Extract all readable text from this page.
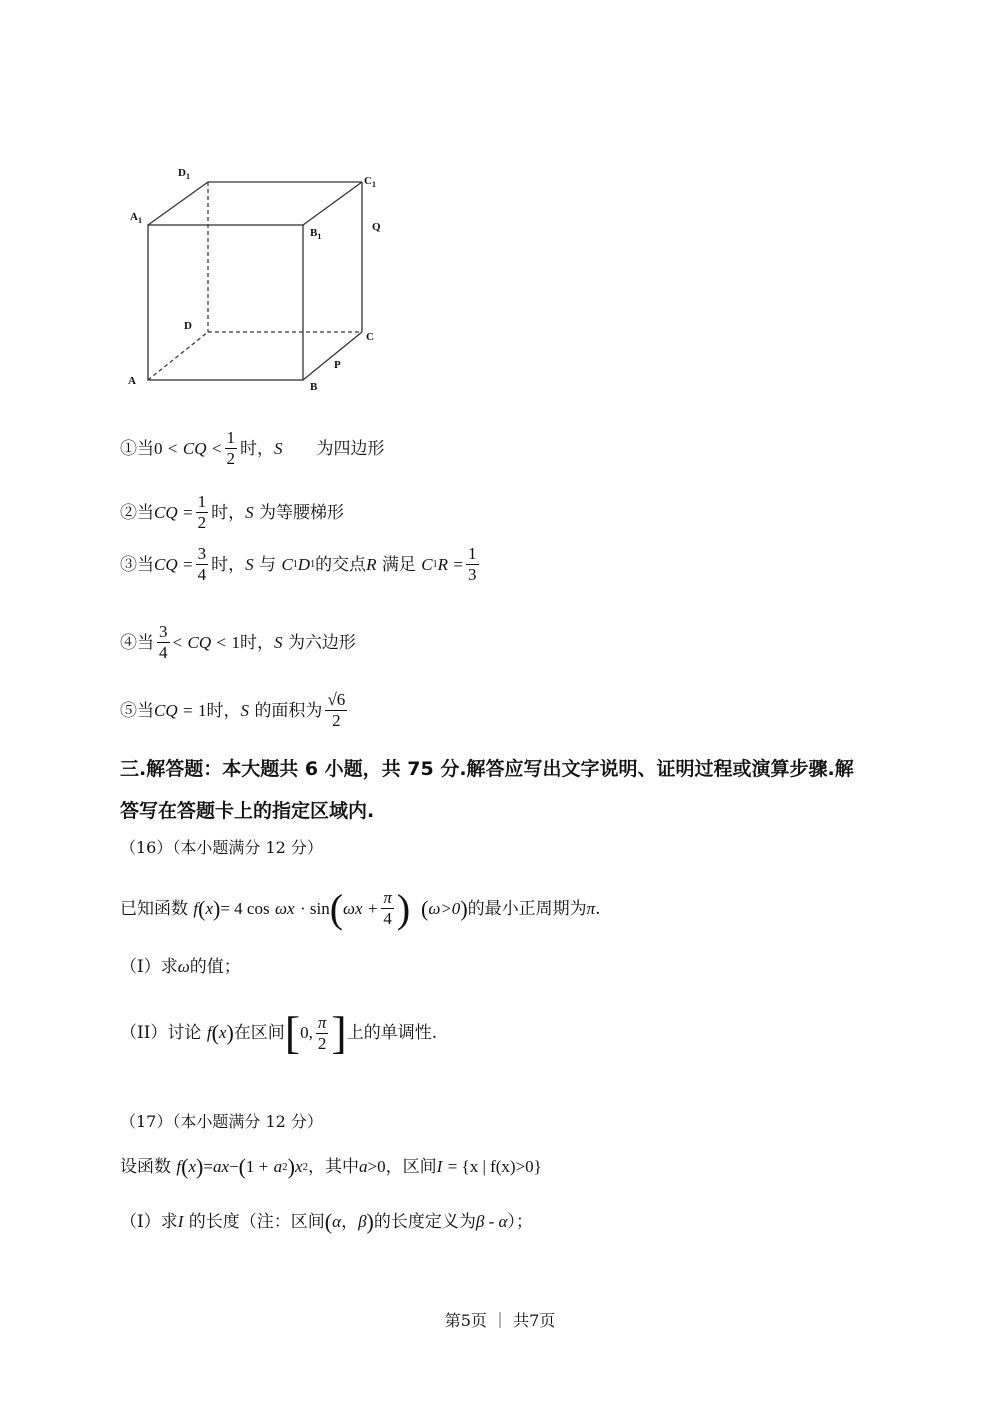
$D_1$	$C_1$
$A_1$
$B_1$
Q
D
C
P
A	B
①当 0
<
CQ
< $\frac{1}{2}$ 时， S 为四边形
②当 CQ
= $\frac{1}{2}$ 时， S
为等腰梯形
③当 CQ
= $\frac{3}{4}$ 时， S
与
C 1 D 1 的交点 R
满足
C 1 R
= $\frac{1}{3}$
④当 $\frac{3}{4}$ <
CQ
<
1 时， S
为六边形
⑤当 CQ
=
1 时， S
的面积为 $\frac{√6}{2}$
三.解答题：本大题共 6 小题，共 75 分.解答应写出文字说明、证明过程或演算步骤.解
答写在答题卡上的指定区域内.
（16）（本小题满分 12 分）
已知函数
f ( x ) = 4 cos
ωx
· sin ( $\omega x + \frac{\pi}{4}$ )
( ω>0 ) 的最小正周期为 π .
（I）求 ω 的值；
（II）讨论
f ( x ) 在区间 [ 0, $\frac{\pi}{2}$ ] 上的单调性.
（17）（本小题满分 12 分）
设函数
f ( x ) = ax − ( 1 +
a 2 ) x 2 ，其中 a >0 ，区间 I
= {x | f(x)>0}
（I）求 I
的长度（注：区间 ( α ， β ) 的长度定义为 β - α ）；
第5页 ｜ 共7页
